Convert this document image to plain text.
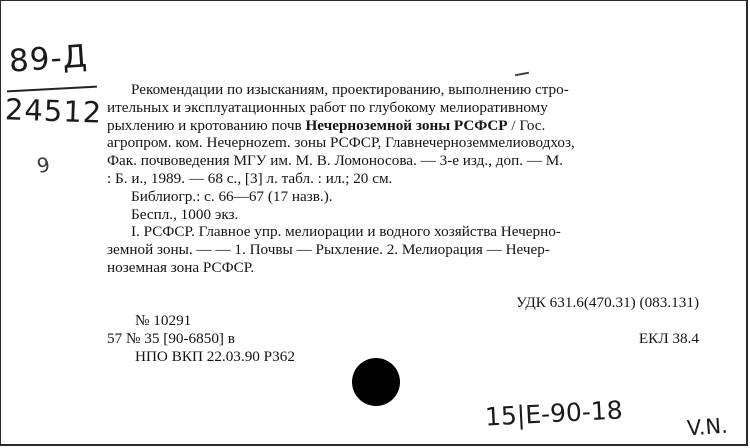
89-Д
24512
9

Рекомендации по изысканиям, проектированию, выполнению стро-

ительных и эксплуатационных работ по глубокому мелиоративному

рыхлению и кротованию почв Нечерноземной зоны РСФСР / Гос.

агропром. ком. Нечерноzem. зоны РСФСР, Главнечерноземмелиоводхоз,

Фак. почвоведения МГУ им. М. В. Ломоносова. — 3-е изд., доп. — М.

: Б. и., 1989. — 68 с., [3] л. табл. : ил.; 20 см.

Библиогр.: с. 66—67 (17 назв.).

Беспл., 1000 экз.

I. РСФСР. Главное упр. мелиорации и водного хозяйства Нечерно-

земной зоны. — — 1. Почвы — Рыхление. 2. Мелиорация — Нечер-

ноземная зона РСФСР.

УДК 631.6(470.31) (083.131)
№ 10291
57 № 35 [90-6850] в	ЕКЛ 38.4
НПО ВКП 22.03.90 Р362
15|Е-90-18	V.N.
